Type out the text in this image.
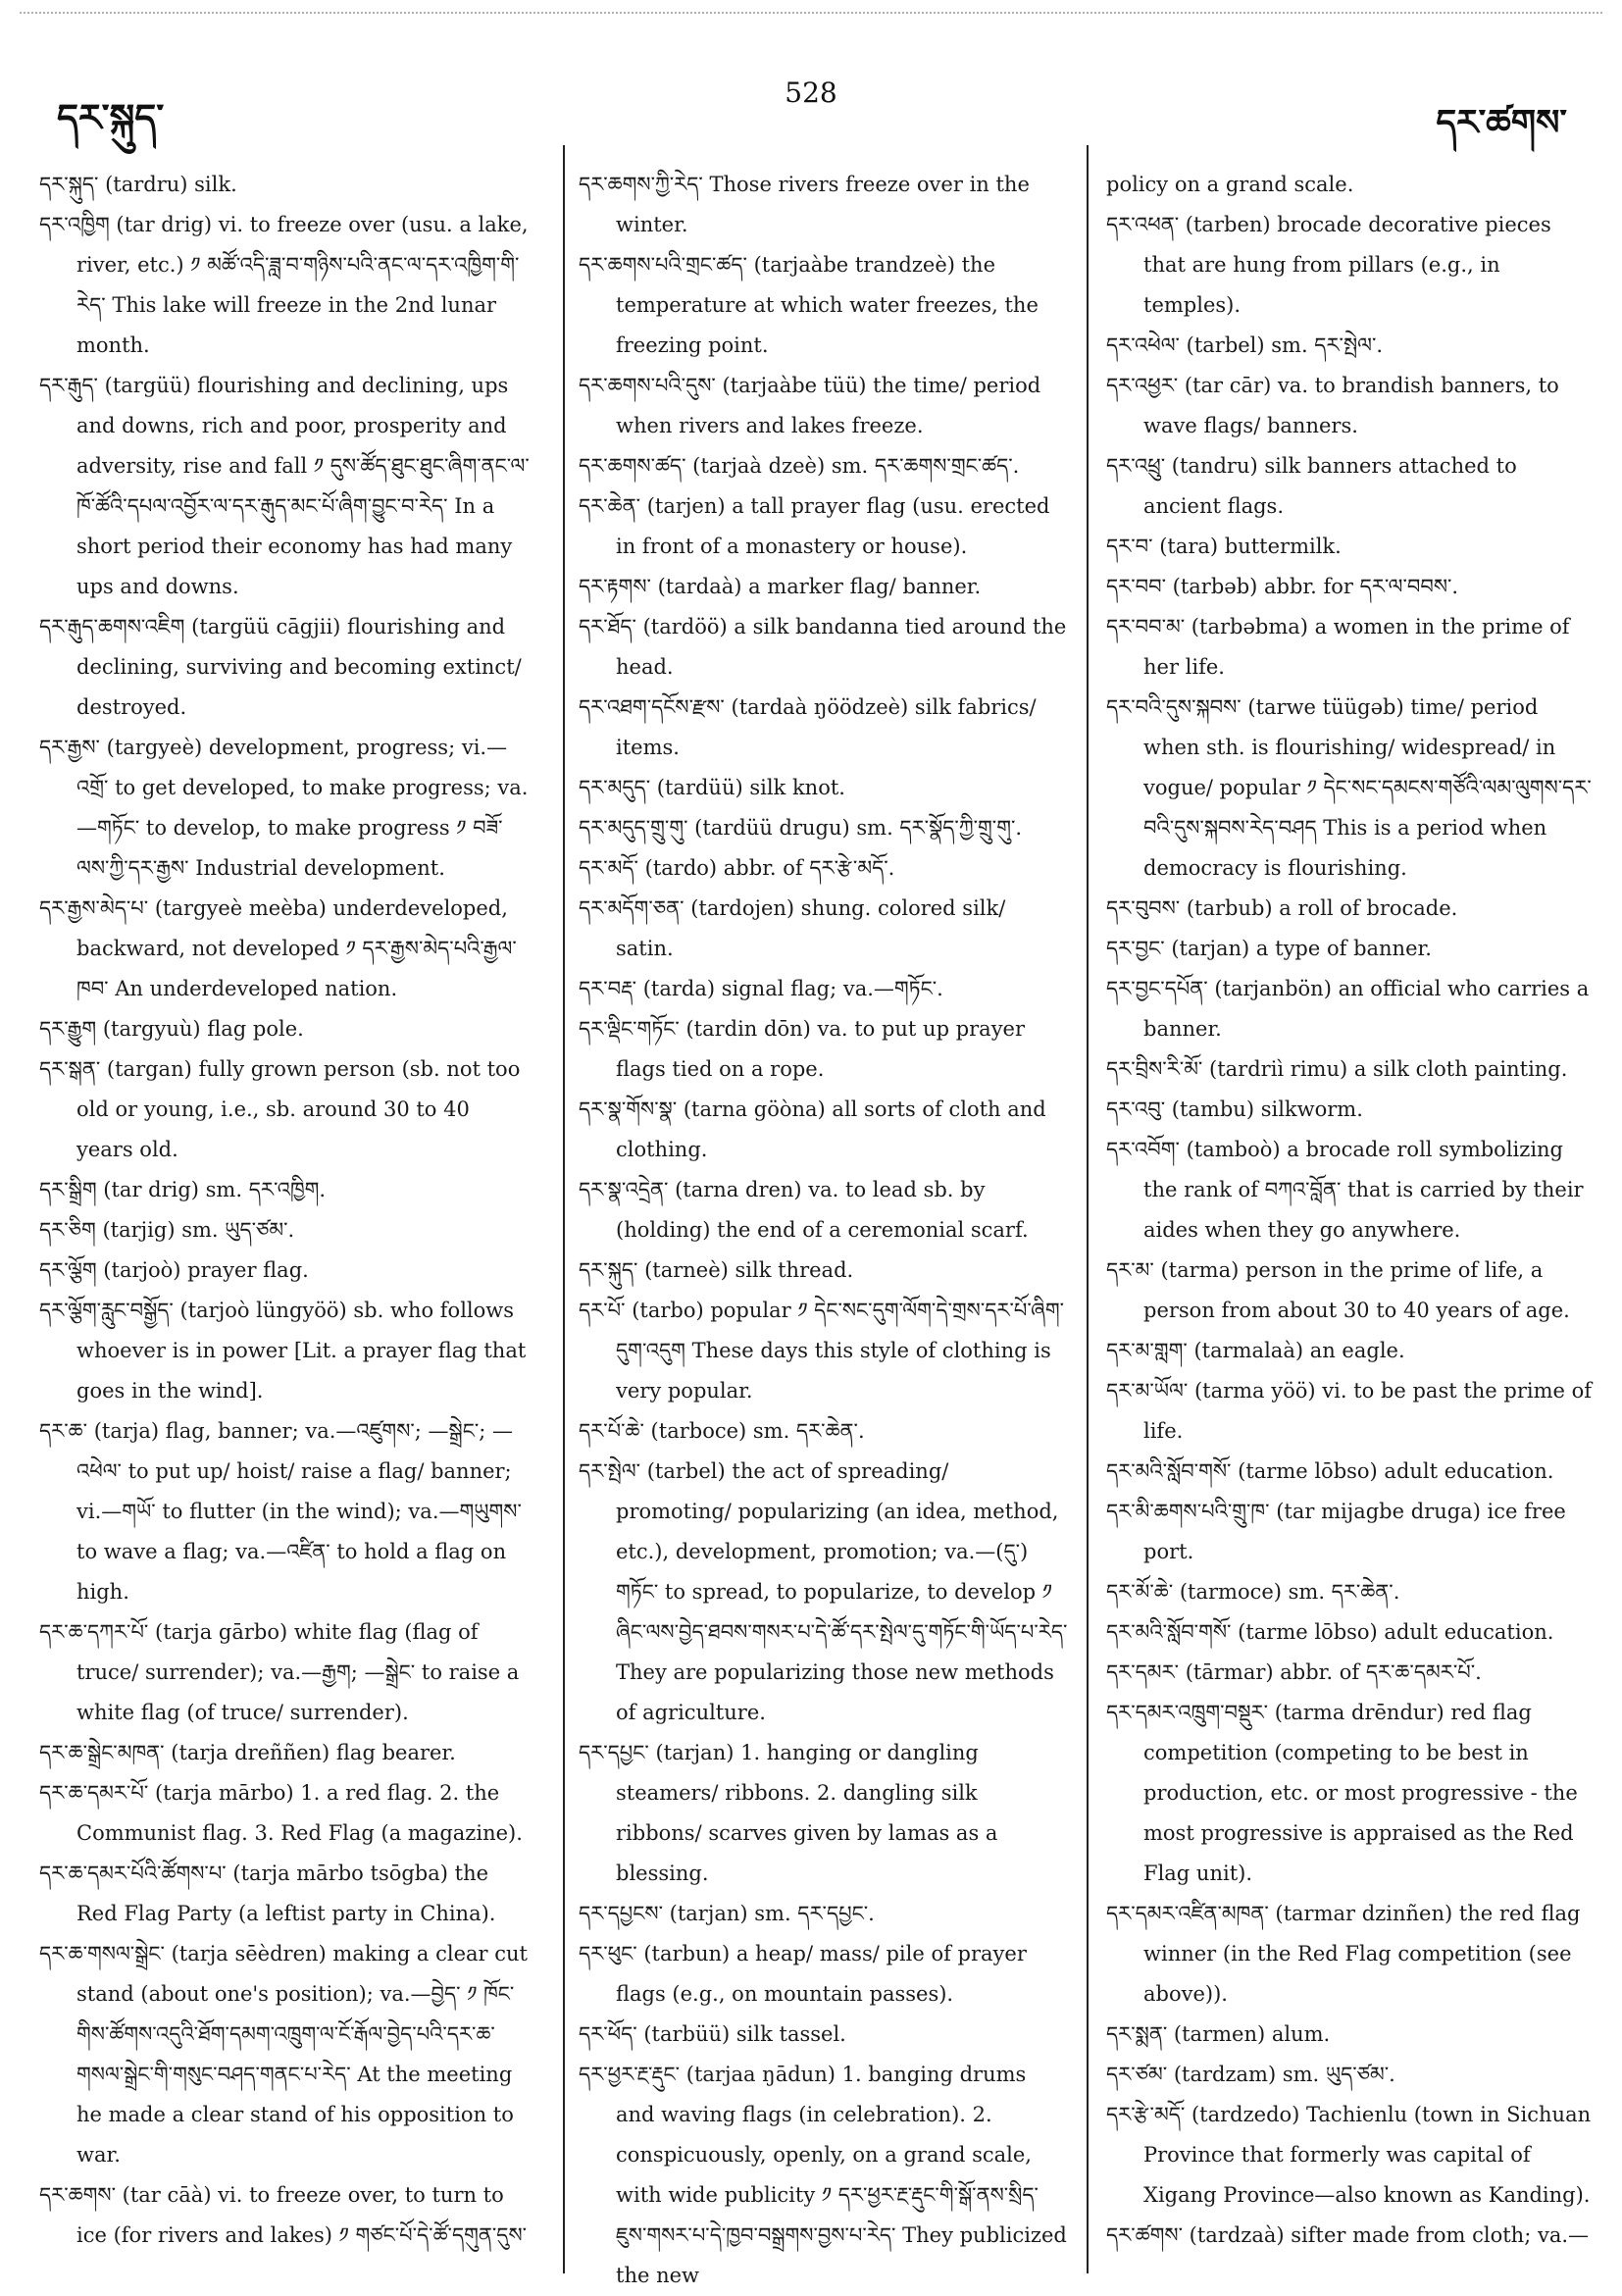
དར་སྐུད་
528
དར་ཚགས་

དར་སྐུད་ (tardru) silk.

དར་འཁྱིག (tar drig) vi. to freeze over (usu. a lake, river, etc.) ༡ མཚོ་འདི་ཟླ་བ་གཉིས་པའི་ནང་ལ་དར་འཁྱིག་གི་རེད་ This lake will freeze in the 2nd lunar month.

དར་རྒུད་ (targüü) flourishing and declining, ups and downs, rich and poor, prosperity and adversity, rise and fall ༡ དུས་ཚོད་ཐུང་ཐུང་ཞིག་ནང་ལ་ཁོ་ཚོའི་དཔལ་འབྱོར་ལ་དར་རྒུད་མང་པོ་ཞིག་བྱུང་བ་རེད་ In a short period their economy has had many ups and downs.

དར་རྒུད་ཆགས་འཇིག (targüü cāgjii) flourishing and declining, surviving and becoming extinct/ destroyed.

དར་རྒྱས་ (targyeè) development, progress; vi.—འགྲོ་ to get developed, to make progress; va.—གཏོང་ to develop, to make progress ༡ བཟོ་ལས་ཀྱི་དར་རྒྱས་ Industrial development.

དར་རྒྱས་མེད་པ་ (targyeè meèba) underdeveloped, backward, not developed ༡ དར་རྒྱས་མེད་པའི་རྒྱལ་ཁབ་ An underdeveloped nation.

དར་རྒྱུག (targyuù) flag pole.

དར་སྒན་ (targan) fully grown person (sb. not too old or young, i.e., sb. around 30 to 40 years old.

དར་སྒྲིག (tar drig) sm. དར་འཁྱིག.

དར་ཅིག (tarjig) sm. ཡུད་ཙམ་.

དར་ལྕོག (tarjoò) prayer flag.

དར་ལྕོག་རླུང་བསྒྱོད་ (tarjoò lüngyöö) sb. who follows whoever is in power [Lit. a prayer flag that goes in the wind].

དར་ཆ་ (tarja) flag, banner; va.—འཛུགས་; —སྒྲེང་; —འཕེལ་ to put up/ hoist/ raise a flag/ banner; vi.—གཡོ་ to flutter (in the wind); va.—གཡུགས་ to wave a flag; va.—འཛིན་ to hold a flag on high.

དར་ཆ་དཀར་པོ་ (tarja gārbo) white flag (flag of truce/ surrender); va.—རྒྱག; —སྒྲེང་ to raise a white flag (of truce/ surrender).

དར་ཆ་སྒྲེང་མཁན་ (tarja dreññen) flag bearer.

དར་ཆ་དམར་པོ་ (tarja mārbo) 1. a red flag. 2. the Communist flag. 3. Red Flag (a magazine).

དར་ཆ་དམར་པོའི་ཚོགས་པ་ (tarja mārbo tsōgba) the Red Flag Party (a leftist party in China).

དར་ཆ་གསལ་སྒྲེང་ (tarja sēèdren) making a clear cut stand (about one's position); va.—བྱེད་ ༡ ཁོང་གིས་ཚོགས་འདུའི་ཐོག་དམག་འཁྲུག་ལ་ངོ་རྒོལ་བྱེད་པའི་དར་ཆ་གསལ་སྒྲེང་གི་གསུང་བཤད་གནང་པ་རེད་ At the meeting he made a clear stand of his opposition to war.

དར་ཆགས་ (tar cāà) vi. to freeze over, to turn to ice (for rivers and lakes) ༡ གཙང་པོ་དེ་ཚོ་དགུན་དུས་

དར་ཆགས་ཀྱི་རེད་ Those rivers freeze over in the winter.

དར་ཆགས་པའི་གྲང་ཚད་ (tarjaàbe trandzeè) the temperature at which water freezes, the freezing point.

དར་ཆགས་པའི་དུས་ (tarjaàbe tüü) the time/ period when rivers and lakes freeze.

དར་ཆགས་ཚད་ (tarjaà dzeè) sm. དར་ཆགས་གྲང་ཚད་.

དར་ཆེན་ (tarjen) a tall prayer flag (usu. erected in front of a monastery or house).

དར་རྟགས་ (tardaà) a marker flag/ banner.

དར་ཐོད་ (tardöö) a silk bandanna tied around the head.

དར་འཐག་དངོས་རྫས་ (tardaà ŋöödzeè) silk fabrics/ items.

དར་མདུད་ (tardüü) silk knot.

དར་མདུད་གྲུ་གུ་ (tardüü drugu) sm. དར་སྣོད་ཀྱི་གྲུ་གུ་.

དར་མདོ་ (tardo) abbr. of དར་རྩེ་མདོ་.

དར་མདོག་ཅན་ (tardojen) shung. colored silk/ satin.

དར་བརྡ་ (tarda) signal flag; va.—གཏོང་.

དར་ལྡིང་གཏོང་ (tardin dōn) va. to put up prayer flags tied on a rope.

དར་སྣ་གོས་སྣ་ (tarna göòna) all sorts of cloth and clothing.

དར་སྣ་འདྲེན་ (tarna dren) va. to lead sb. by (holding) the end of a ceremonial scarf.

དར་སྐུད་ (tarneè) silk thread.

དར་པོ་ (tarbo) popular ༡ དེང་སང་དུག་ལོག་དེ་གྲས་དར་པོ་ཞིག་དུག་འདུག These days this style of clothing is very popular.

དར་པོ་ཆེ་ (tarboce) sm. དར་ཆེན་.

དར་སྤེལ་ (tarbel) the act of spreading/ promoting/ popularizing (an idea, method, etc.), development, promotion; va.—(དུ་) གཏོང་ to spread, to popularize, to develop ༡ ཞིང་ལས་བྱེད་ཐབས་གསར་པ་དེ་ཚོ་དར་སྤེལ་དུ་གཏོང་གི་ཡོད་པ་རེད་ They are popularizing those new methods of agriculture.

དར་དཔྱང་ (tarjan) 1. hanging or dangling steamers/ ribbons. 2. dangling silk ribbons/ scarves given by lamas as a blessing.

དར་དཔྱངས་ (tarjan) sm. དར་དཔྱང་.

དར་ཕུང་ (tarbun) a heap/ mass/ pile of prayer flags (e.g., on mountain passes).

དར་ཕོད་ (tarbüü) silk tassel.

དར་ཕྱར་རྔ་རྡུང་ (tarjaa ŋādun) 1. banging drums and waving flags (in celebration). 2. conspicuously, openly, on a grand scale, with wide publicity ༡ དར་ཕྱར་རྔ་རྡུང་གི་སྒོ་ནས་སྲིད་ཇུས་གསར་པ་དེ་ཁྱབ་བསྒྲགས་བྱས་པ་རེད་ They publicized the new

policy on a grand scale.

དར་འཕན་ (tarben) brocade decorative pieces that are hung from pillars (e.g., in temples).

དར་འཕེལ་ (tarbel) sm. དར་སྤེལ་.

དར་འཕྱར་ (tar cār) va. to brandish banners, to wave flags/ banners.

དར་འཕྲུ་ (tandru) silk banners attached to ancient flags.

དར་བ་ (tara) buttermilk.

དར་བབ་ (tarbəb) abbr. for དར་ལ་བབས་.

དར་བབ་མ་ (tarbəbma) a women in the prime of her life.

དར་བའི་དུས་སྐབས་ (tarwe tüügəb) time/ period when sth. is flourishing/ widespread/ in vogue/ popular ༡ དེང་སང་དམངས་གཙོའི་ལམ་ལུགས་དར་བའི་དུས་སྐབས་རེད་བཤད This is a period when democracy is flourishing.

དར་བུབས་ (tarbub) a roll of brocade.

དར་བྱང་ (tarjan) a type of banner.

དར་བྱང་དཔོན་ (tarjanbön) an official who carries a banner.

དར་བྲིས་རི་མོ་ (tardriì rimu) a silk cloth painting.

དར་འབུ་ (tambu) silkworm.

དར་འབོག་ (tamboò) a brocade roll symbolizing the rank of བཀའ་བློན་ that is carried by their aides when they go anywhere.

དར་མ་ (tarma) person in the prime of life, a person from about 30 to 40 years of age.

དར་མ་གླག་ (tarmalaà) an eagle.

དར་མ་ཡོལ་ (tarma yöö) vi. to be past the prime of life.

དར་མའི་སློབ་གསོ་ (tarme lōbso) adult education.

དར་མི་ཆགས་པའི་གྲུ་ཁ་ (tar mijagbe druga) ice free port.

དར་མོ་ཆེ་ (tarmoce) sm. དར་ཆེན་.

དར་མའི་སློབ་གསོ་ (tarme lōbso) adult education.

དར་དམར་ (tārmar) abbr. of དར་ཆ་དམར་པོ་.

དར་དམར་འཁྲུག་བསྡུར་ (tarma drēndur) red flag competition (competing to be best in production, etc. or most progressive - the most progressive is appraised as the Red Flag unit).

དར་དམར་འཛིན་མཁན་ (tarmar dzinñen) the red flag winner (in the Red Flag competition (see above)).

དར་སྨན་ (tarmen) alum.

དར་ཙམ་ (tardzam) sm. ཡུད་ཙམ་.

དར་རྩེ་མདོ་ (tardzedo) Tachienlu (town in Sichuan Province that formerly was capital of Xigang Province—also known as Kanding).

དར་ཚགས་ (tardzaà) sifter made from cloth; va.—
